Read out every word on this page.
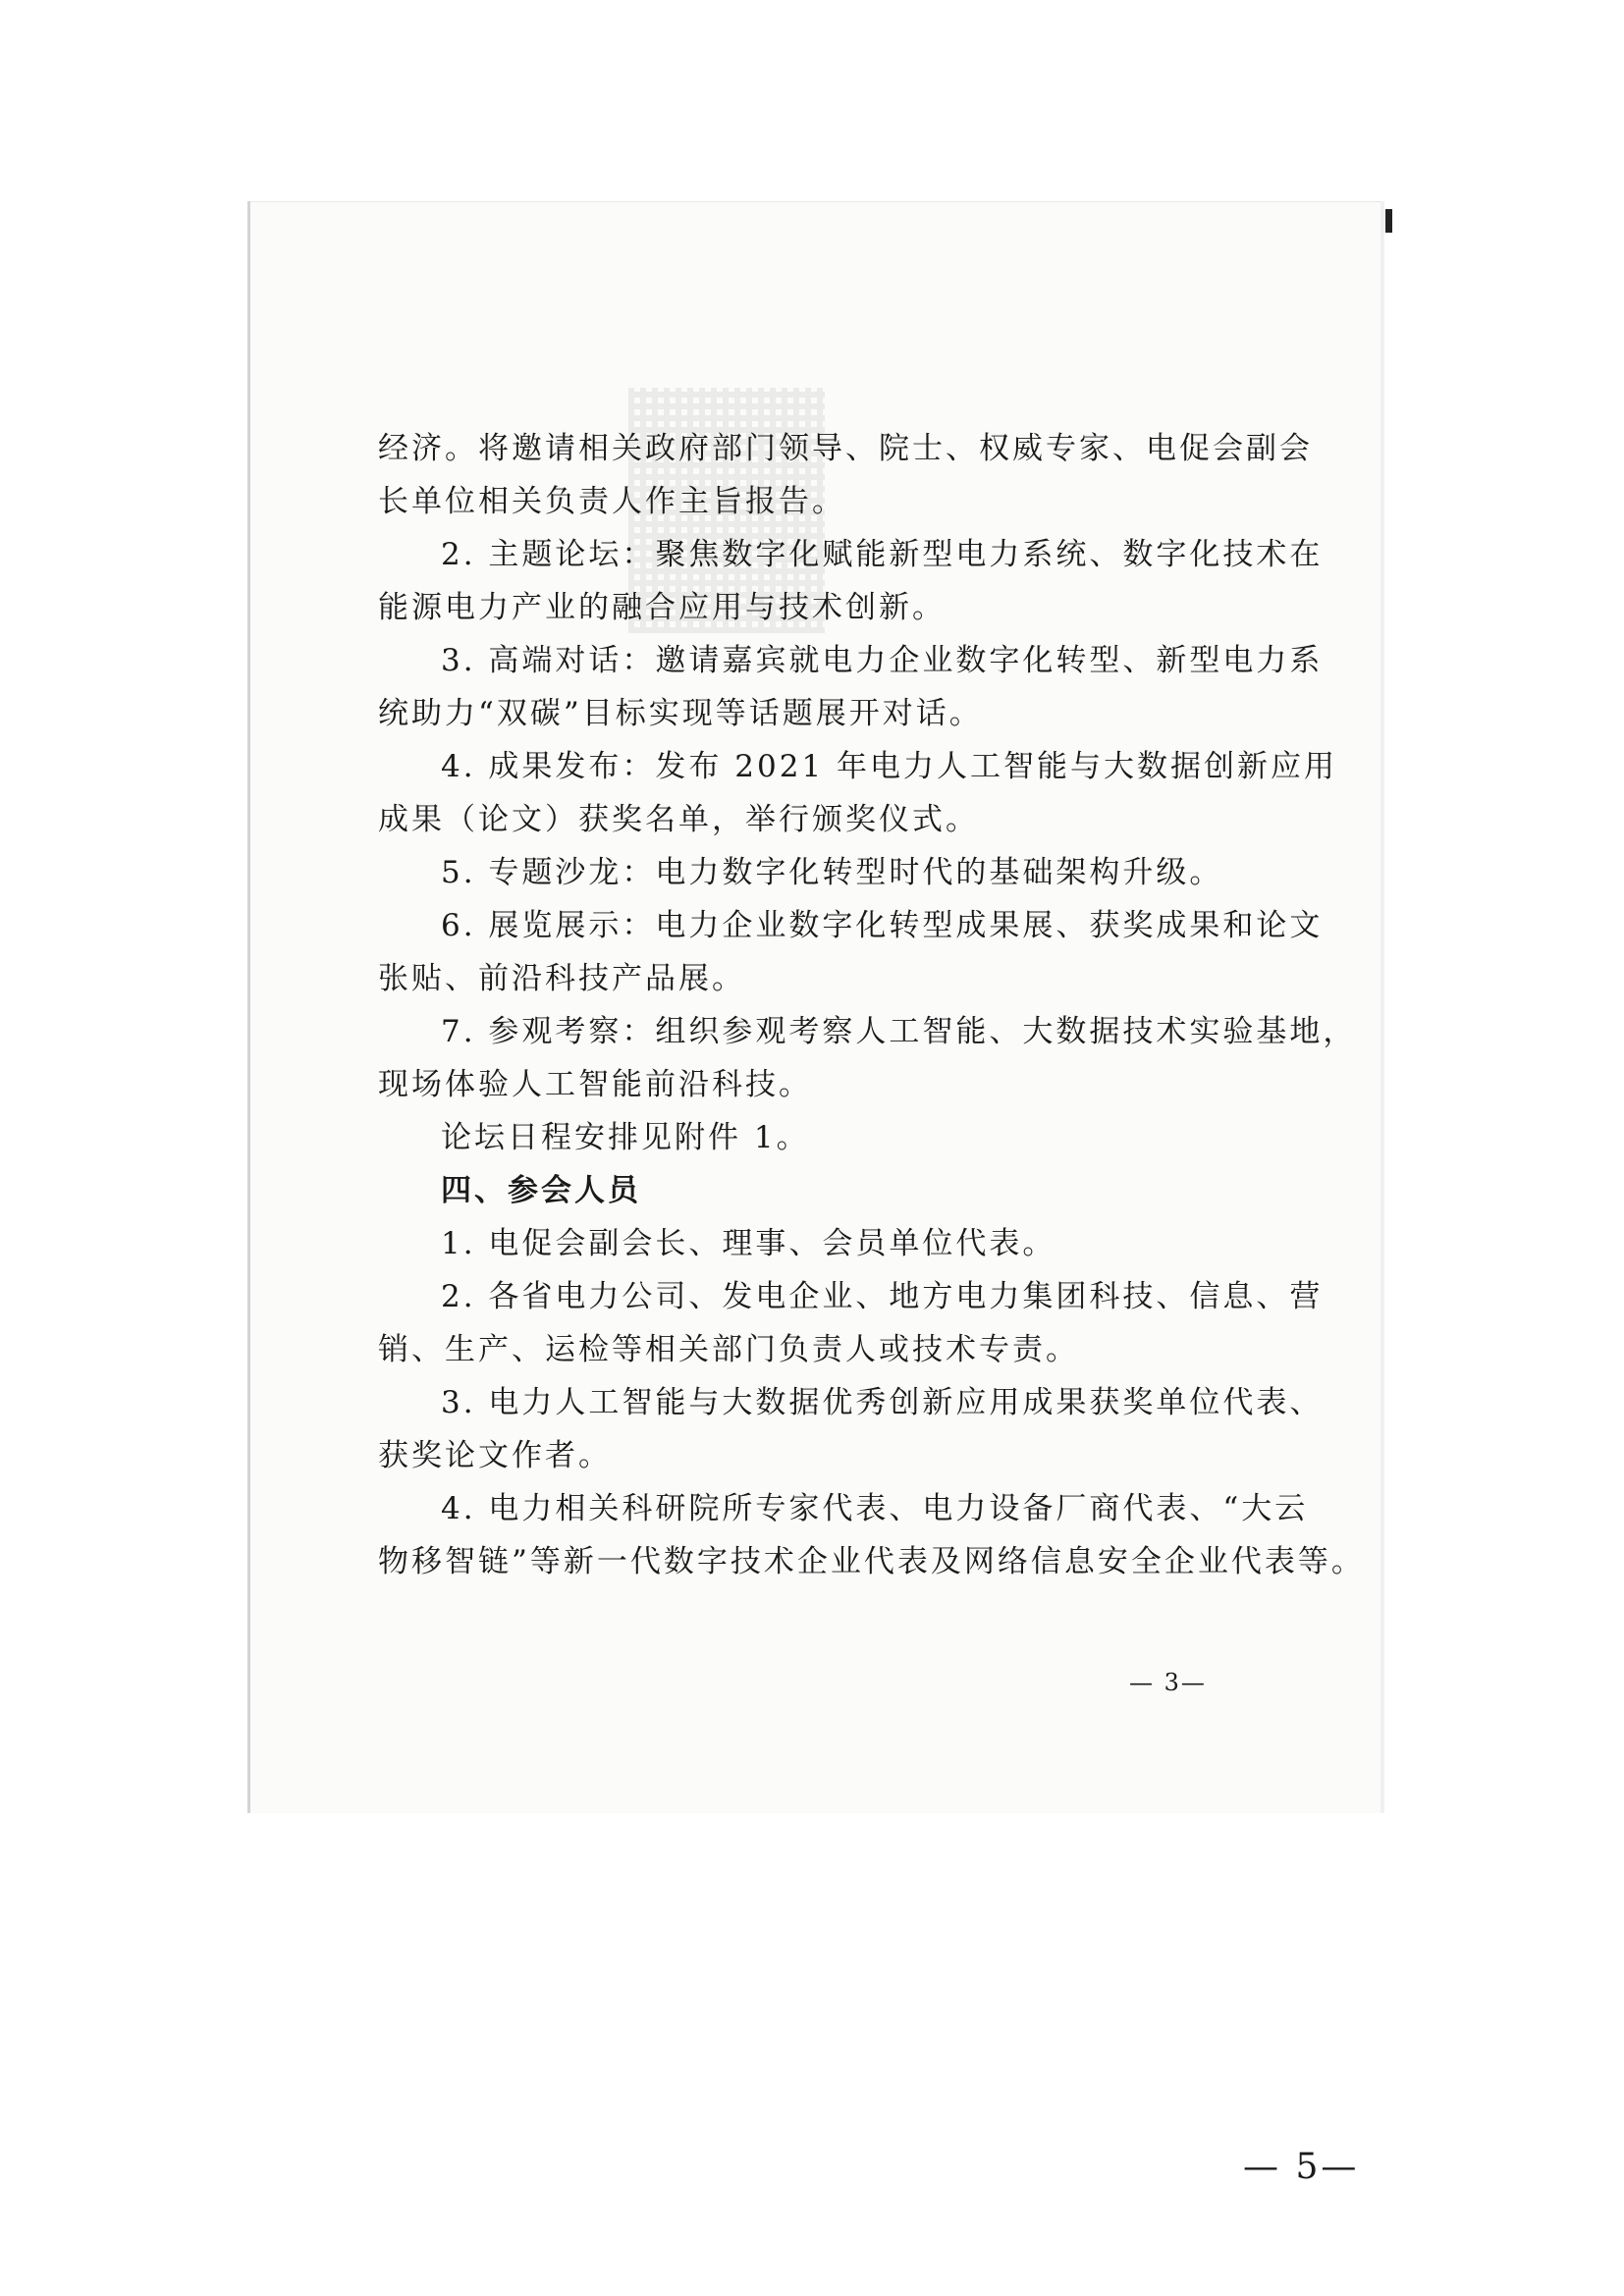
经济。将邀请相关政府部门领导、院士、权威专家、电促会副会

长单位相关负责人作主旨报告。

2. 主题论坛：聚焦数字化赋能新型电力系统、数字化技术在

能源电力产业的融合应用与技术创新。

3. 高端对话：邀请嘉宾就电力企业数字化转型、新型电力系

统助力“双碳”目标实现等话题展开对话。

4. 成果发布：发布 2021 年电力人工智能与大数据创新应用

成果（论文）获奖名单，举行颁奖仪式。

5. 专题沙龙：电力数字化转型时代的基础架构升级。

6. 展览展示：电力企业数字化转型成果展、获奖成果和论文

张贴、前沿科技产品展。

7. 参观考察：组织参观考察人工智能、大数据技术实验基地，

现场体验人工智能前沿科技。

论坛日程安排见附件 1。

四、参会人员

1. 电促会副会长、理事、会员单位代表。

2. 各省电力公司、发电企业、地方电力集团科技、信息、营

销、生产、运检等相关部门负责人或技术专责。

3. 电力人工智能与大数据优秀创新应用成果获奖单位代表、

获奖论文作者。

4. 电力相关科研院所专家代表、电力设备厂商代表、“大云

物移智链”等新一代数字技术企业代表及网络信息安全企业代表等。

— 3—
— 5—
